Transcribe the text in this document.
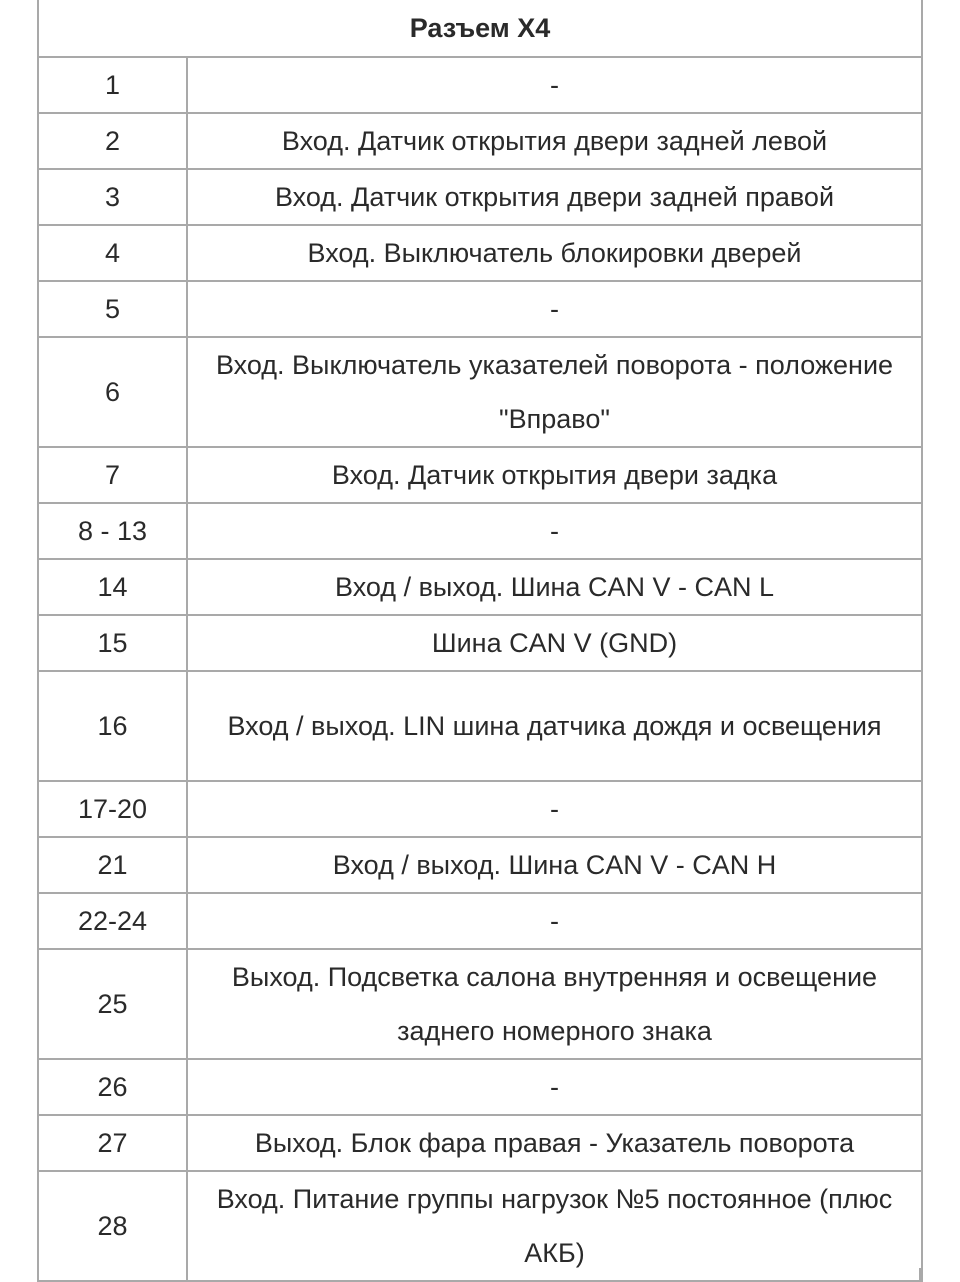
Разъем Х4	
1	-
2	Вход. Датчик открытия двери задней левой
3	Вход. Датчик открытия двери задней правой
4	Вход. Выключатель блокировки дверей
5	-
6	Вход. Выключатель указателей поворота - положение "Вправо"
7	Вход. Датчик открытия двери задка
8 - 13	-
14	Вход / выход. Шина CAN V - CAN L
15	Шина CAN V (GND)
16	Вход / выход. LIN шина датчика дождя и освещения
17-20	-
21	Вход / выход. Шина CAN V - CAN H
22-24	-
25	Выход. Подсветка салона внутренняя и освещение заднего номерного знака
26	-
27	Выход. Блок фара правая - Указатель поворота
28	Вход. Питание группы нагрузок №5 постоянное (плюс АКБ)
